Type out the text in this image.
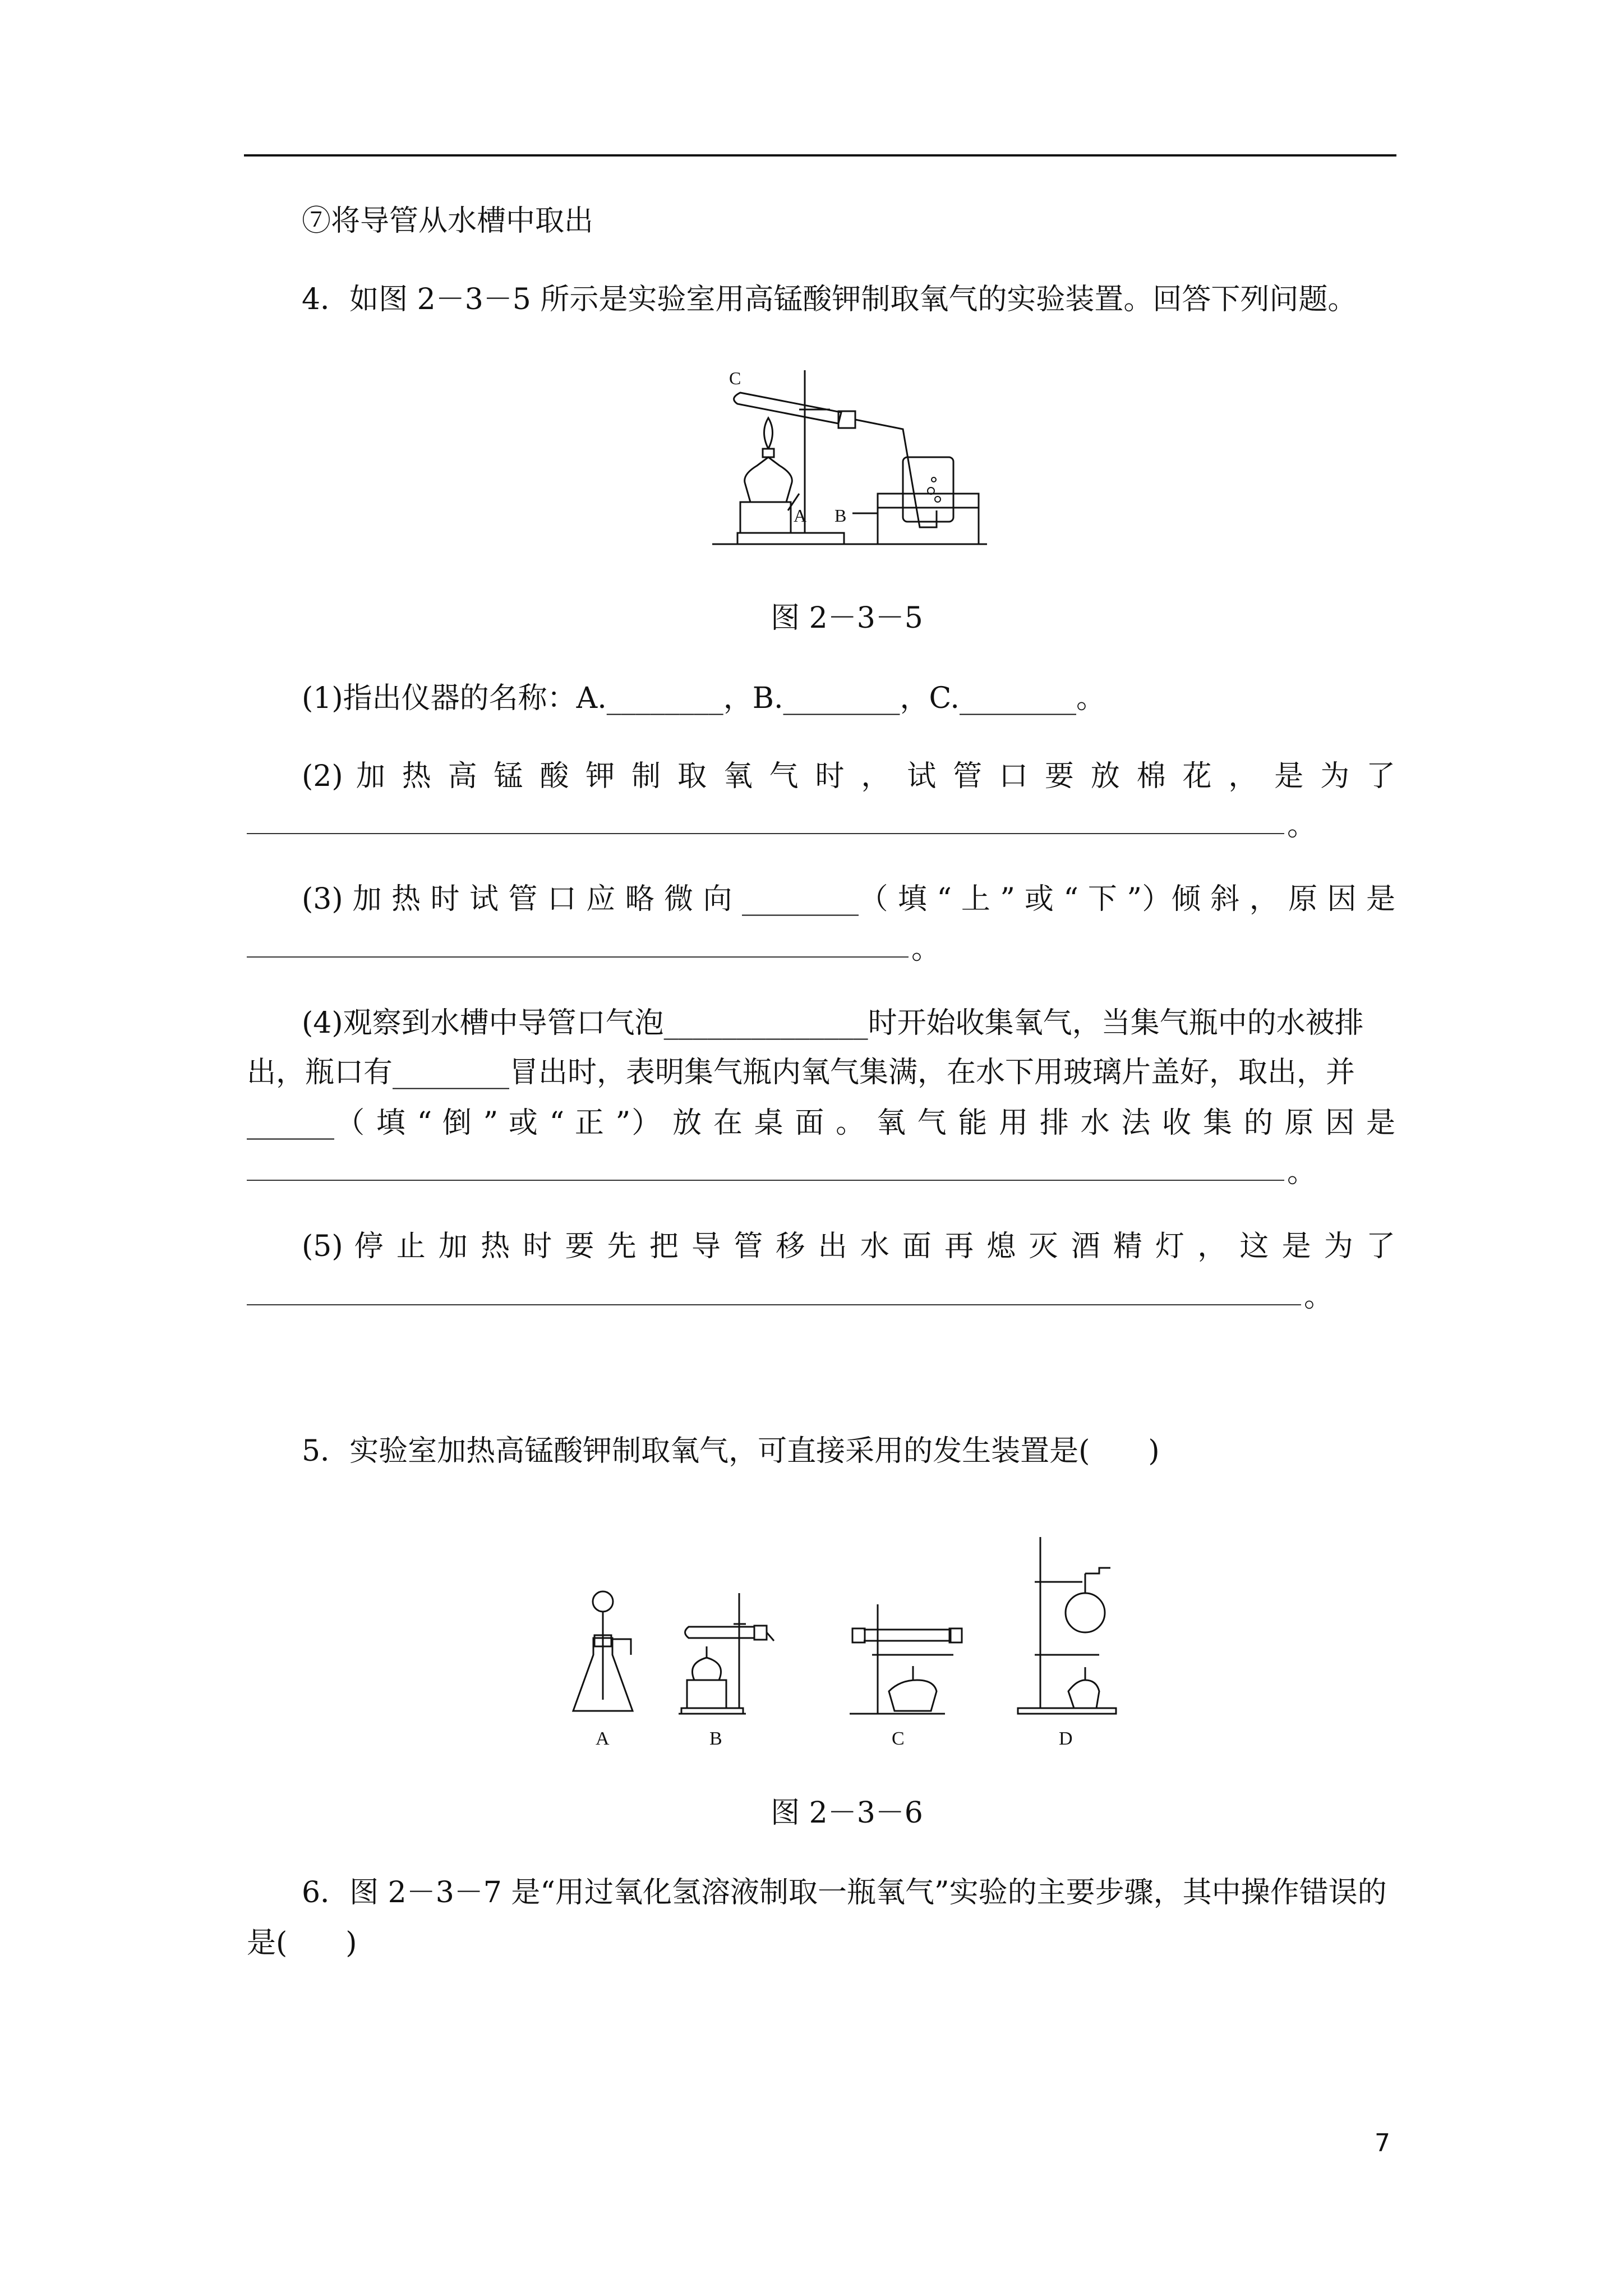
⑦将导管从水槽中取出
4．如图 2－3－5 所示是实验室用高锰酸钾制取氧气的实验装置。回答下列问题。
C
A B
图 2－3－5
(1)指出仪器的名称：A.________，B.________，C.________。
(2) 加 热 高 锰 酸 钾 制 取 氧 气 时 ， 试 管 口 要 放 棉 花 ， 是 为 了
。
(3) 加 热 时 试 管 口 应 略 微 向 ________（ 填 “ 上 ” 或 “ 下 ”）倾 斜 ， 原 因 是
。
(4)观察到水槽中导管口气泡______________时开始收集氧气，当集气瓶中的水被排
出，瓶口有________冒出时，表明集气瓶内氧气集满，在水下用玻璃片盖好，取出，并
______（ 填 “ 倒 ” 或 “ 正 ”） 放 在 桌 面 。 氧 气 能 用 排 水 法 收 集 的 原 因 是
。
(5) 停 止 加 热 时 要 先 把 导 管 移 出 水 面 再 熄 灭 酒 精 灯 ， 这 是 为 了
。
5．实验室加热高锰酸钾制取氧气，可直接采用的发生装置是(　　)
A	B	C	D
图 2－3－6
6．图 2－3－7 是“用过氧化氢溶液制取一瓶氧气”实验的主要步骤，其中操作错误的
是(　　)
7
